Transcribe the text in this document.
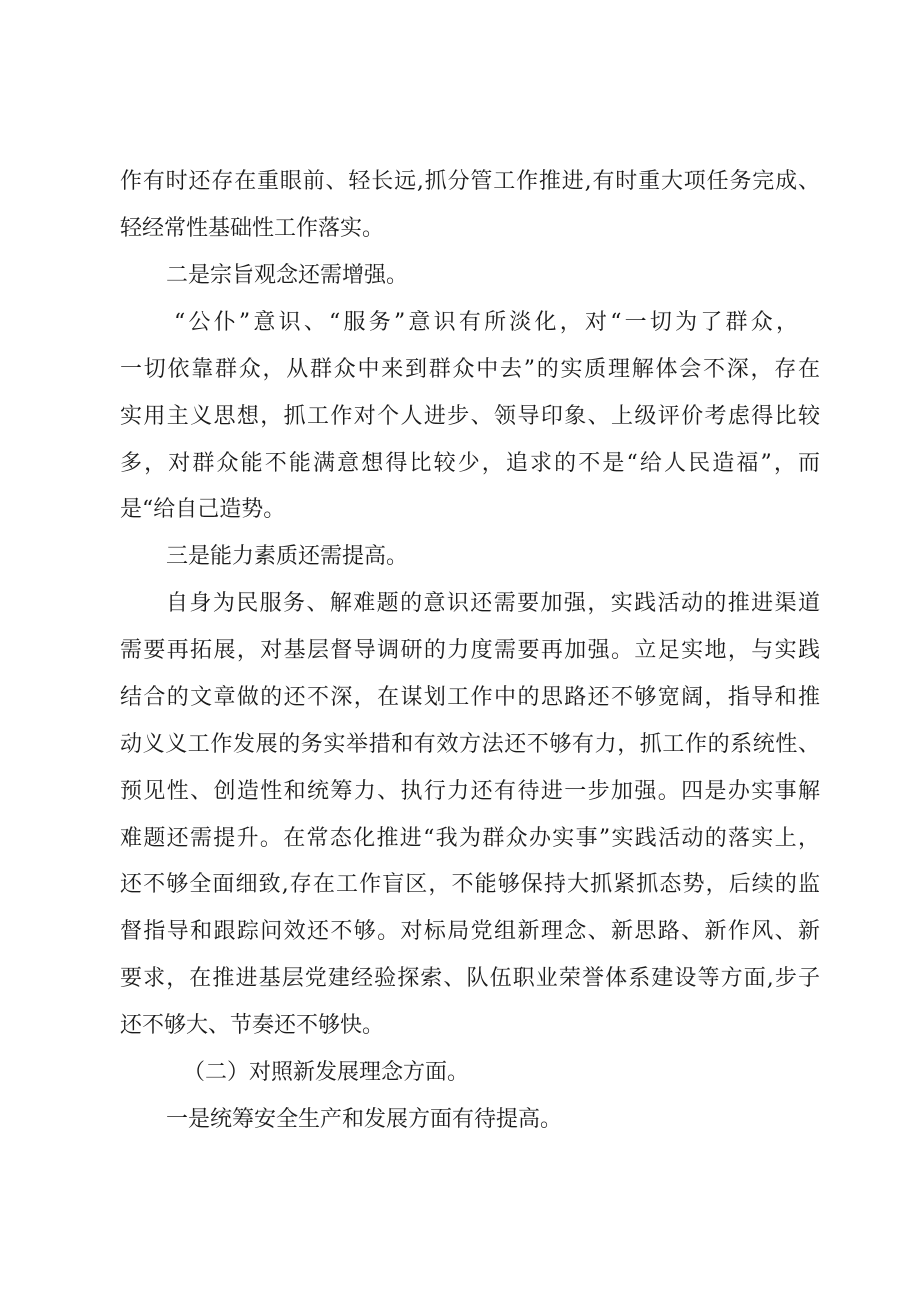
作有时还存在重眼前、轻长远,抓分管工作推进,有时重大项任务完成、
轻经常性基础性工作落实。
二是宗旨观念还需增强。
“公仆”意识、“服务”意识有所淡化，对“一切为了群众，
一切依靠群众，从群众中来到群众中去”的实质理解体会不深，存在
实用主义思想，抓工作对个人进步、领导印象、上级评价考虑得比较
多，对群众能不能满意想得比较少，追求的不是“给人民造福”，而
是“给自己造势。
三是能力素质还需提高。
自身为民服务、解难题的意识还需要加强，实践活动的推进渠道
需要再拓展，对基层督导调研的力度需要再加强。立足实地，与实践
结合的文章做的还不深，在谋划工作中的思路还不够宽阔，指导和推
动义义工作发展的务实举措和有效方法还不够有力，抓工作的系统性、
预见性、创造性和统筹力、执行力还有待进一步加强。四是办实事解
难题还需提升。在常态化推进“我为群众办实事”实践活动的落实上，
还不够全面细致,存在工作盲区，不能够保持大抓紧抓态势，后续的监
督指导和跟踪问效还不够。对标局党组新理念、新思路、新作风、新
要求，在推进基层党建经验探索、队伍职业荣誉体系建设等方面,步子
还不够大、节奏还不够快。
（二）对照新发展理念方面。
一是统筹安全生产和发展方面有待提高。
